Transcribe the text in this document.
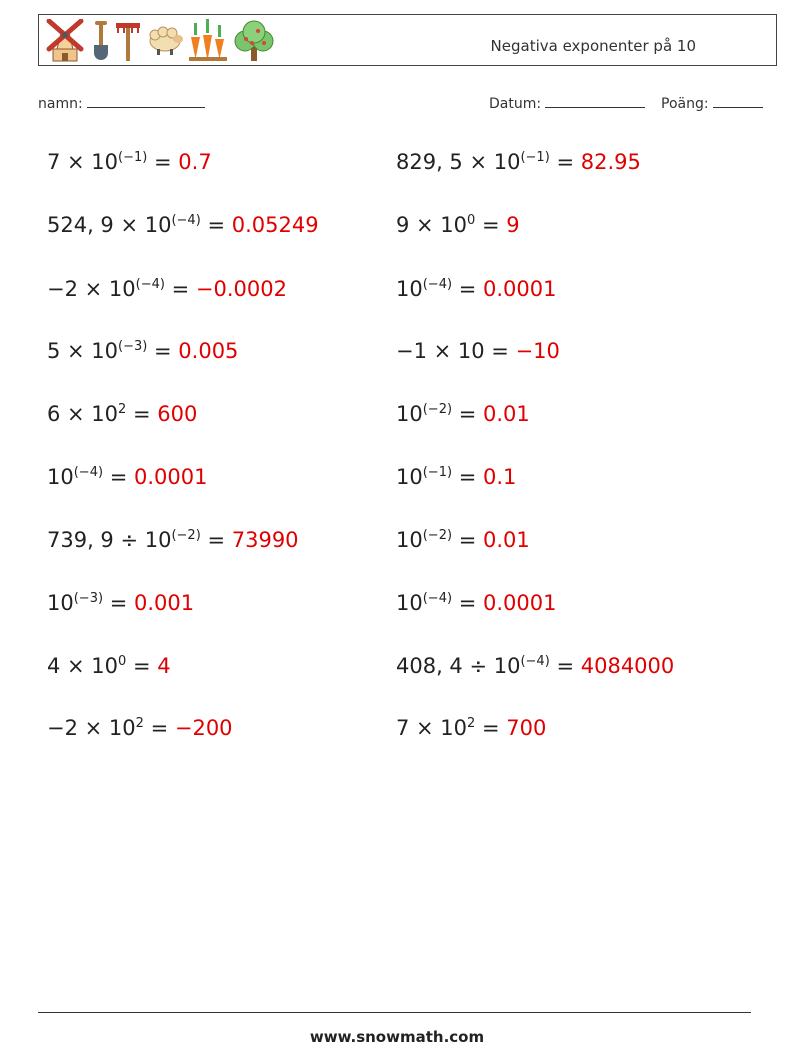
Negativa exponenter på 10
namn:	Datum:	Poäng:
$7 \times 10^{(-1)} = 0.7$	829, $5 \times 10^{(-1)} = 82.95$
524, $9 \times 10^{(-4)} = 0.05249$	$9 \times 10^0 = 9$
$-2 \times 10^{(-4)} = -0.0002$	$10^{(-4)} = 0.0001$
$5 \times 10^{(-3)} = 0.005$	−1 × 10 = −10
$6 \times 10^2 = 600$	$10^{(-2)} = 0.01$
$10^{(-4)} = 0.0001$	$10^{(-1)} = 0.1$
739, $9 \div 10^{(-2)} = 73990$	$10^{(-2)} = 0.01$
$10^{(-3)} = 0.001$	$10^{(-4)} = 0.0001$
$4 \times 10^0 = 4$	408, $4 \div 10^{(-4)} = 4084000$
$-2 \times 10^2 = -200$	$7 \times 10^2 = 700$
www.snowmath.com
